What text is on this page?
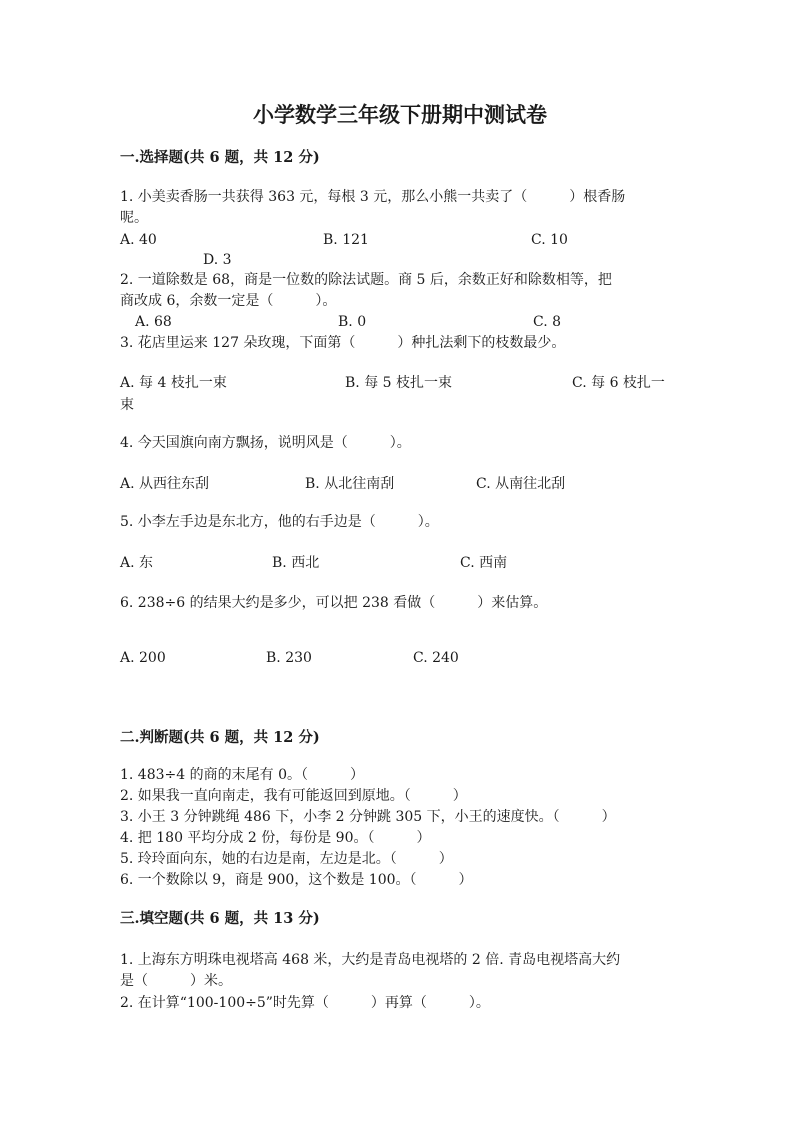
小学数学三年级下册期中测试卷
一.选择题(共 6 题，共 12 分)
1. 小美卖香肠一共获得 363 元，每根 3 元，那么小熊一共卖了（　　　）根香肠
呢。
A. 40	B. 121	C. 10
D. 3
2. 一道除数是 68，商是一位数的除法试题。商 5 后，余数正好和除数相等，把
商改成 6，余数一定是（　　　）。
A. 68	B. 0	C. 8
3. 花店里运来 127 朵玫瑰，下面第（　　　）种扎法剩下的枝数最少。
A. 每 4 枝扎一束	B. 每 5 枝扎一束	C. 每 6 枝扎一
束
4. 今天国旗向南方飘扬，说明风是（　　　）。
A. 从西往东刮	B. 从北往南刮	C. 从南往北刮
5. 小李左手边是东北方，他的右手边是（　　　）。
A. 东	B. 西北	C. 西南
6. 238÷6 的结果大约是多少，可以把 238 看做（　　　）来估算。
A. 200	B. 230	C. 240
二.判断题(共 6 题，共 12 分)
1. 483÷4 的商的末尾有 0。（　　　）
2. 如果我一直向南走，我有可能返回到原地。（　　　）
3. 小王 3 分钟跳绳 486 下，小李 2 分钟跳 305 下，小王的速度快。（　　　）
4. 把 180 平均分成 2 份，每份是 90。（　　　）
5. 玲玲面向东，她的右边是南，左边是北。（　　　）
6. 一个数除以 9，商是 900，这个数是 100。（　　　）
三.填空题(共 6 题，共 13 分)
1. 上海东方明珠电视塔高 468 米，大约是青岛电视塔的 2 倍. 青岛电视塔高大约
是（　　　）米。
2. 在计算“100-100÷5”时先算（　　　）再算（　　　）。
